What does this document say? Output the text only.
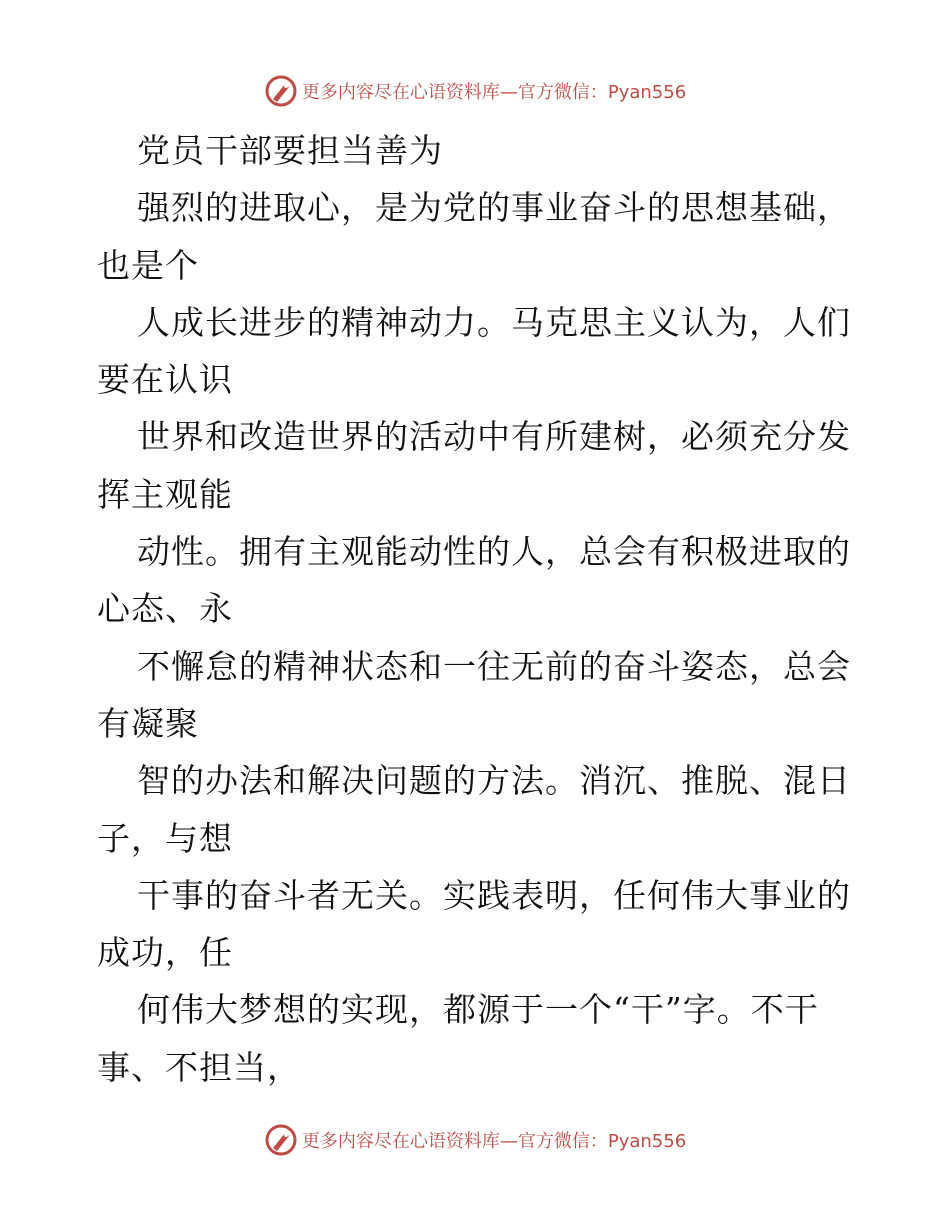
更多内容尽在心语资料库—官方微信：Pyan556
党员干部要担当善为
强烈的进取心，是为党的事业奋斗的思想基础，
也是个
人成长进步的精神动力。马克思主义认为，人们
要在认识
世界和改造世界的活动中有所建树，必须充分发
挥主观能
动性。拥有主观能动性的人，总会有积极进取的
心态、永
不懈怠的精神状态和一往无前的奋斗姿态，总会
有凝聚
智的办法和解决问题的方法。消沉、推脱、混日
子，与想
干事的奋斗者无关。实践表明，任何伟大事业的
成功，任
何伟大梦想的实现，都源于一个“干”字。不干
事、不担当，
更多内容尽在心语资料库—官方微信：Pyan556
